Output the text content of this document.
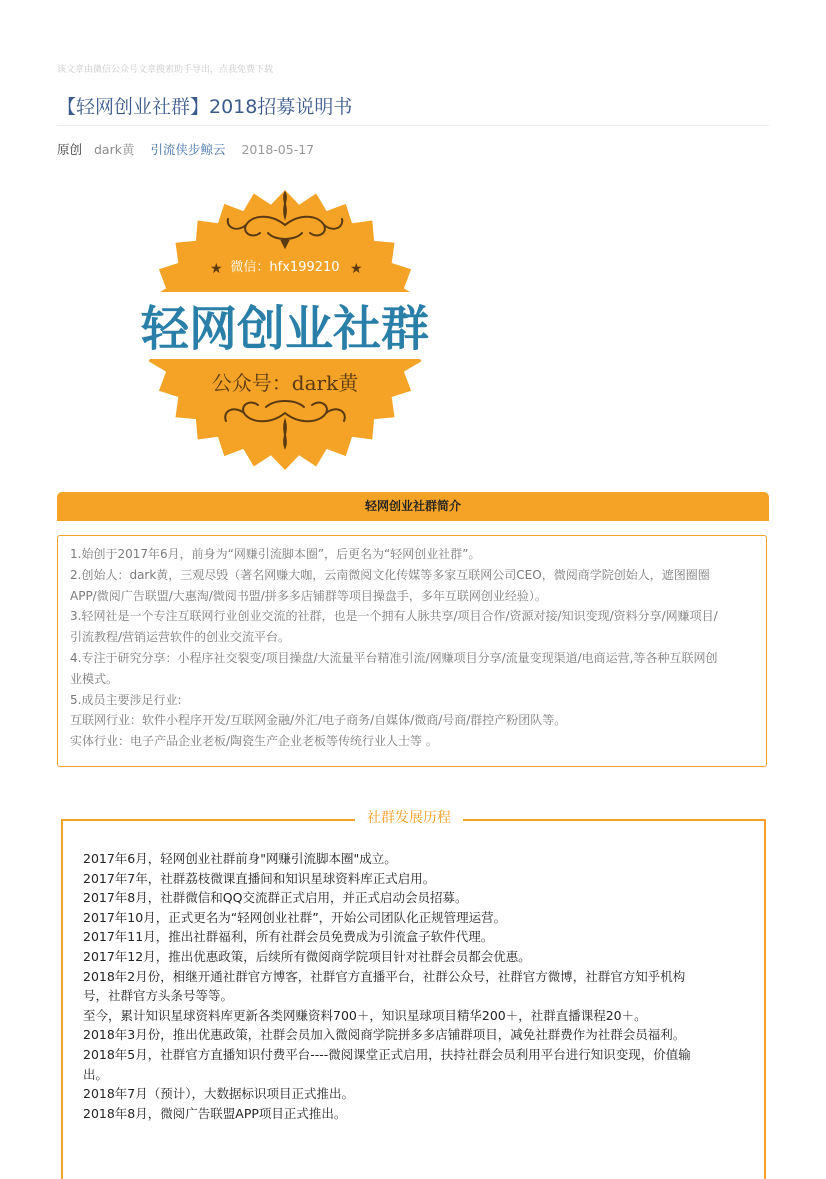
该文章由微信公众号文章搜索助手导出，点我免费下载
【轻网创业社群】2018招募说明书
原创 dark黄 引流侠步鲸云 2018-05-17
★ 微信：hfx199210 ★
轻网创业社群
公众号：dark黄
轻网创业社群简介

1.始创于2017年6月，前身为“网赚引流脚本圈”，后更名为“轻网创业社群”。

2.创始人：dark黄，三观尽毁（著名网赚大咖，云南微阅文化传媒等多家互联网公司CEO，微阅商学院创始人，遮图圈圈

APP/微阅广告联盟/大惠淘/微阅书盟/拼多多店铺群等项目操盘手，多年互联网创业经验）。

3.轻网社是一个专注互联网行业创业交流的社群，也是一个拥有人脉共享/项目合作/资源对接/知识变现/资料分享/网赚项目/

引流教程/营销运营软件的创业交流平台。

4.专注于研究分享：小程序社交裂变/项目操盘/大流量平台精准引流/网赚项目分享/流量变现渠道/电商运营,等各种互联网创

业模式。

5.成员主要涉足行业:

互联网行业：软件小程序开发/互联网金融/外汇/电子商务/自媒体/微商/号商/群控产粉团队等。

实体行业：电子产品企业老板/陶瓷生产企业老板等传统行业人士等 。

社群发展历程

2017年6月，轻网创业社群前身"网赚引流脚本圈"成立。

2017年7年，社群荔枝微课直播间和知识星球资料库正式启用。

2017年8月，社群微信和QQ交流群正式启用，并正式启动会员招募。

2017年10月，正式更名为“轻网创业社群”，开始公司团队化正规管理运营。

2017年11月，推出社群福利，所有社群会员免费成为引流盒子软件代理。

2017年12月，推出优惠政策，后续所有微阅商学院项目针对社群会员都会优惠。

2018年2月份，相继开通社群官方博客，社群官方直播平台，社群公众号，社群官方微博，社群官方知乎机构

号，社群官方头条号等等。

至今，累计知识星球资料库更新各类网赚资料700＋，知识星球项目精华200＋，社群直播课程20＋。

2018年3月份，推出优惠政策，社群会员加入微阅商学院拼多多店铺群项目，减免社群费作为社群会员福利。

2018年5月，社群官方直播知识付费平台----微阅课堂正式启用，扶持社群会员利用平台进行知识变现，价值输

出。

2018年7月（预计），大数据标识项目正式推出。

2018年8月，微阅广告联盟APP项目正式推出。
